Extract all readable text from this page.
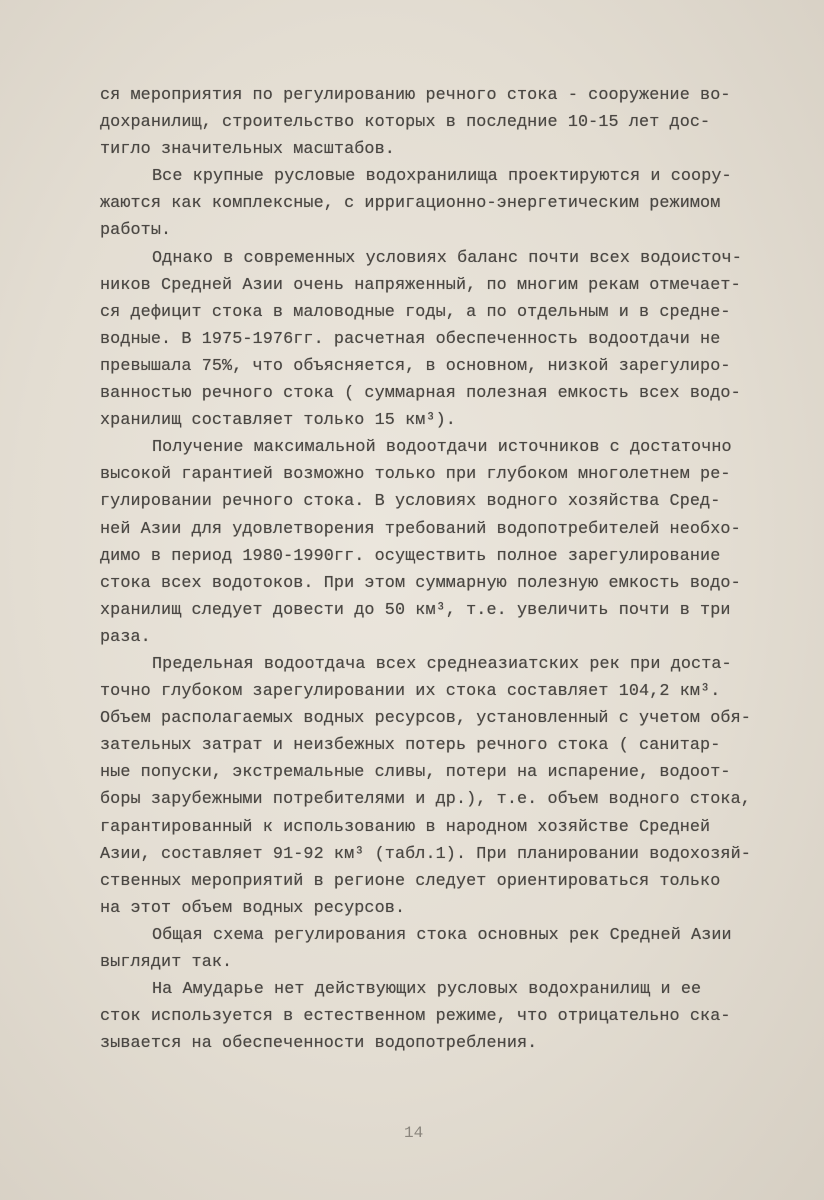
ся мероприятия по регулированию речного стока - сооружение во-
дохранилищ, строительство которых в последние 10-15 лет дос-
тигло значительных масштабов.
Все крупные русловые водохранилища проектируются и соору-
жаются как комплексные, с ирригационно-энергетическим режимом
работы.
Однако в современных условиях баланс почти всех водоисточ-
ников Средней Азии очень напряженный, по многим рекам отмечает-
ся дефицит стока в маловодные годы, а по отдельным и в средне-
водные. В 1975-1976гг. расчетная обеспеченность водоотдачи не
превышала 75%, что объясняется, в основном, низкой зарегулиро-
ванностью речного стока ( суммарная полезная емкость всех водо-
хранилищ составляет только 15 км³).
Получение максимальной водоотдачи источников с достаточно
высокой гарантией возможно только при глубоком многолетнем ре-
гулировании речного стока. В условиях водного хозяйства Сред-
ней Азии для удовлетворения требований водопотребителей необхо-
димо в период 1980-1990гг. осуществить полное зарегулирование
стока всех водотоков. При этом суммарную полезную емкость водо-
хранилищ следует довести до 50 км³, т.е. увеличить почти в три
раза.
Предельная водоотдача всех среднеазиатских рек при доста-
точно глубоком зарегулировании их стока составляет 104,2 км³.
Объем располагаемых водных ресурсов, установленный с учетом обя-
зательных затрат и неизбежных потерь речного стока ( санитар-
ные попуски, экстремальные сливы, потери на испарение, водоот-
боры зарубежными потребителями и др.), т.е. объем водного стока,
гарантированный к использованию в народном хозяйстве Средней
Азии, составляет 91-92 км³ (табл.1). При планировании водохозяй-
ственных мероприятий в регионе следует ориентироваться только
на этот объем водных ресурсов.
Общая схема регулирования стока основных рек Средней Азии
выглядит так.
На Амударье нет действующих русловых водохранилищ и ее
сток используется в естественном режиме, что отрицательно ска-
зывается на обеспеченности водопотребления.
14
